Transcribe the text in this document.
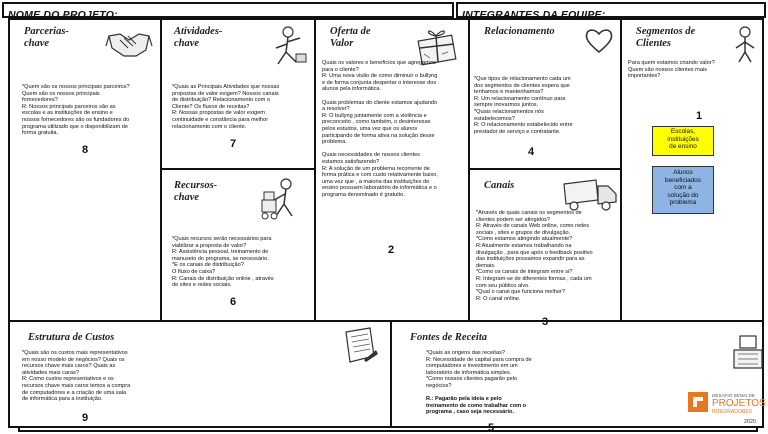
NOME DO PROJETO:	INTEGRANTES DA EQUIPE:
Parcerias-
chave
*Quem são os nossos principais parceiros?
Quem são os nossos principais
fornecedores?
R: Nossos principais parceiros são as
escolas e as instituições de ensino e
nossos fornecedores são os fundadores do
programa utilizado que o disponibilizam de
forma gratuita.
8
Atividades-
chave
*Quais as Principais Atividades que nossas
propostas de valor exigem? Nossos canais
de distribuição? Relacionamento com o
Cliente? Os fluxos de receitas?
R: Nossas propostas de valor exigem
continuidade e constância para melhor
relacionamento com o cliente.
7
Recursos-
chave
*Quais recursos serão necessários para
viabilizar a proposta de valor?
R: Assistência pessoal, treinamento de
manuseio do programa, se necessário.
*E os canais de distribuição?
O fluxo de caixa?
R: Canais de distribuição online , através
de sites e redes sociais.
6
Oferta de
Valor
Quais os valores e benefícios que agregamos
para o cliente?
R: Uma nova visão de como diminuir o bullyng
e de forma conjunta despertar o interesse dos
alunos pela informática.

Quais problemas do cliente estamos ajudando
a resolver?
R: O bullyng juntamente com a violência e
preconceito , como também, o desinteresse
pelos estudos, uma vez que os alunos
participando de forma ativa na solução desse
problema.

Quais necessidades de nossos clientes
estamos satisfazendo?
R: A solução de um problema recorrente de
forma prática e com custo relativamente baixo,
uma vez que , a maioria das instituições de
ensino possuem laboratório de informática e o
programa denominado é gratuito.
2
Relacionamento
*Que tipos de relacionamento cada um
dos segmentos de clientes espera que
tenhamos e mantenhamos?
R: Um relacionamento contínuo para
sempre inovarmos juntos.
*Quais relacionamentos nós
estabelecemos?
R: O relacionamento estabelecido entre
prestador de serviço e contratante.
4
Canais
*Através de quais canais os segmentos de
clientes podem ser atingidos?
R: Através de canais Web online, como redes
sociais , sites e grupos de divulgação.
*Como estamos atingindo atualmente?
R:Atualmente estamos trabalhando na
divulgação , para que após o feedback positivo
das instituições possamos expandir para as
demais.
*Como os canais de integram entre si?
R: Integram-se de diferentes formas , cada um
com seu público alvo.
*Qual o canal que funciona melhor?
R: O canal online.
3
Segmentos de
Clientes
Para quem estamos criando valor?
Quem são nossos clientes mais
importantes?
1
Escolas,
instituições
de ensino
Alunos
beneficiados
com a
solução do
problema
Estrutura de Custos
*Quais são os custos mais representativos
em nosso modelo de negócios? Quais os
recursos chave mais caros? Quais as
atividades mais caras?
R: Como custos representativos e os
recursos chave mais caros temos a compra
de computadores e a criação de uma sala
de informática para a instituição.
9
Fontes de Receita
*Quais as origens das receitas?
R: Necessidade de capital para compra de
computadores e investimento em um
laboratório de informática simples.
*Como nossos clientes pagarão pelo
negócios?
R.: Pagarão pela ideia e pelo
treinamento de como trabalhar com o
programa , caso seja necessário.
5
DESAFIO SENAI DE
PROJETOS
INTEGRADORES
2020
